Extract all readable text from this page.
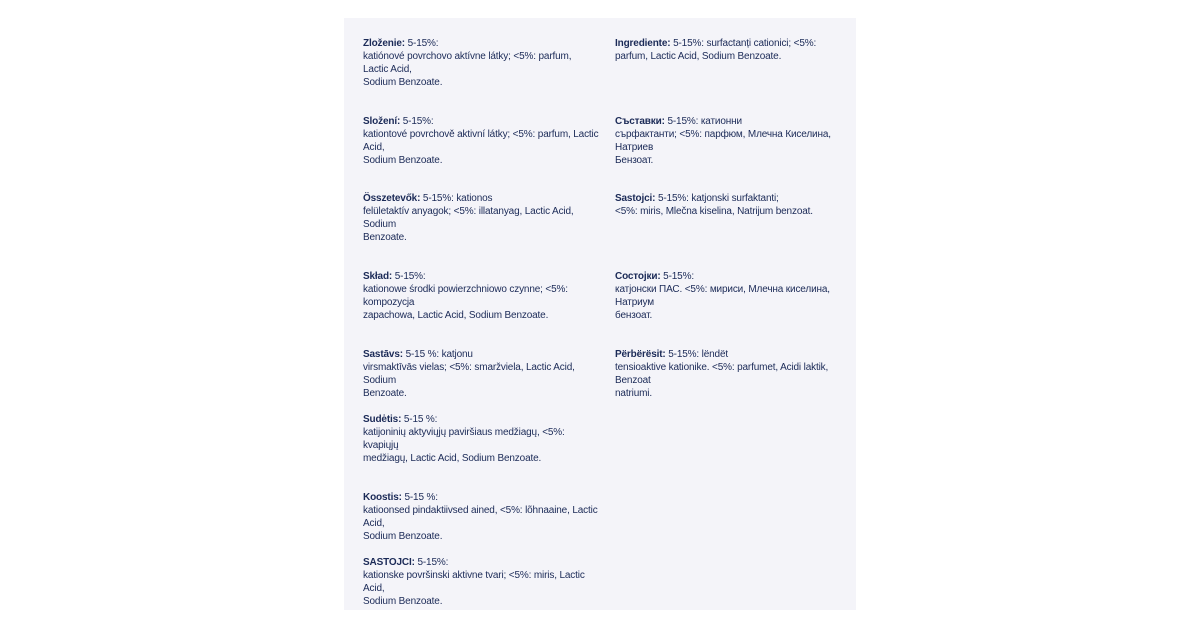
Zloženie: 5-15%:
katiónové povrchovo aktívne látky; <5%: parfum, Lactic Acid,
Sodium Benzoate.
Složení: 5-15%:
kationtové povrchově aktivní látky; <5%: parfum, Lactic Acid,
Sodium Benzoate.
Összetevők: 5-15%: kationos
felületaktív anyagok; <5%: illatanyag, Lactic Acid, Sodium
Benzoate.
Skład: 5-15%:
kationowe środki powierzchniowo czynne; <5%: kompozycja
zapachowa, Lactic Acid, Sodium Benzoate.
Sastāvs: 5-15 %: katjonu
virsmaktīvās vielas; <5%: smaržviela, Lactic Acid, Sodium
Benzoate.
Sudėtis: 5-15 %:
katijoninių aktyviųjų paviršiaus medžiagų, <5%: kvapiųjų
medžiagų, Lactic Acid, Sodium Benzoate.
Koostis: 5-15 %:
katioonsed pindaktiivsed ained, <5%: lõhnaaine, Lactic Acid,
Sodium Benzoate.
SASTOJCI: 5-15%:
kationske površinski aktivne tvari; <5%: miris, Lactic Acid,
Sodium Benzoate.
Ingrediente: 5-15%: surfactanți cationici; <5%:
parfum, Lactic Acid, Sodium Benzoate.
Съставки: 5-15%: катионни
сърфактанти; <5%: парфюм, Млечна Киселина, Натриев
Бензоат.
Sastojci: 5-15%: katjonski surfaktanti;
<5%: miris, Mlečna kiselina, Natrijum benzoat.
Состојки: 5-15%:
катјонски ПАС. <5%: мириси, Млечна киселина, Натриум
бензоат.
Përbërësit: 5-15%: lëndët
tensioaktive kationike. <5%: parfumet, Acidi laktik, Benzoat
natriumi.
